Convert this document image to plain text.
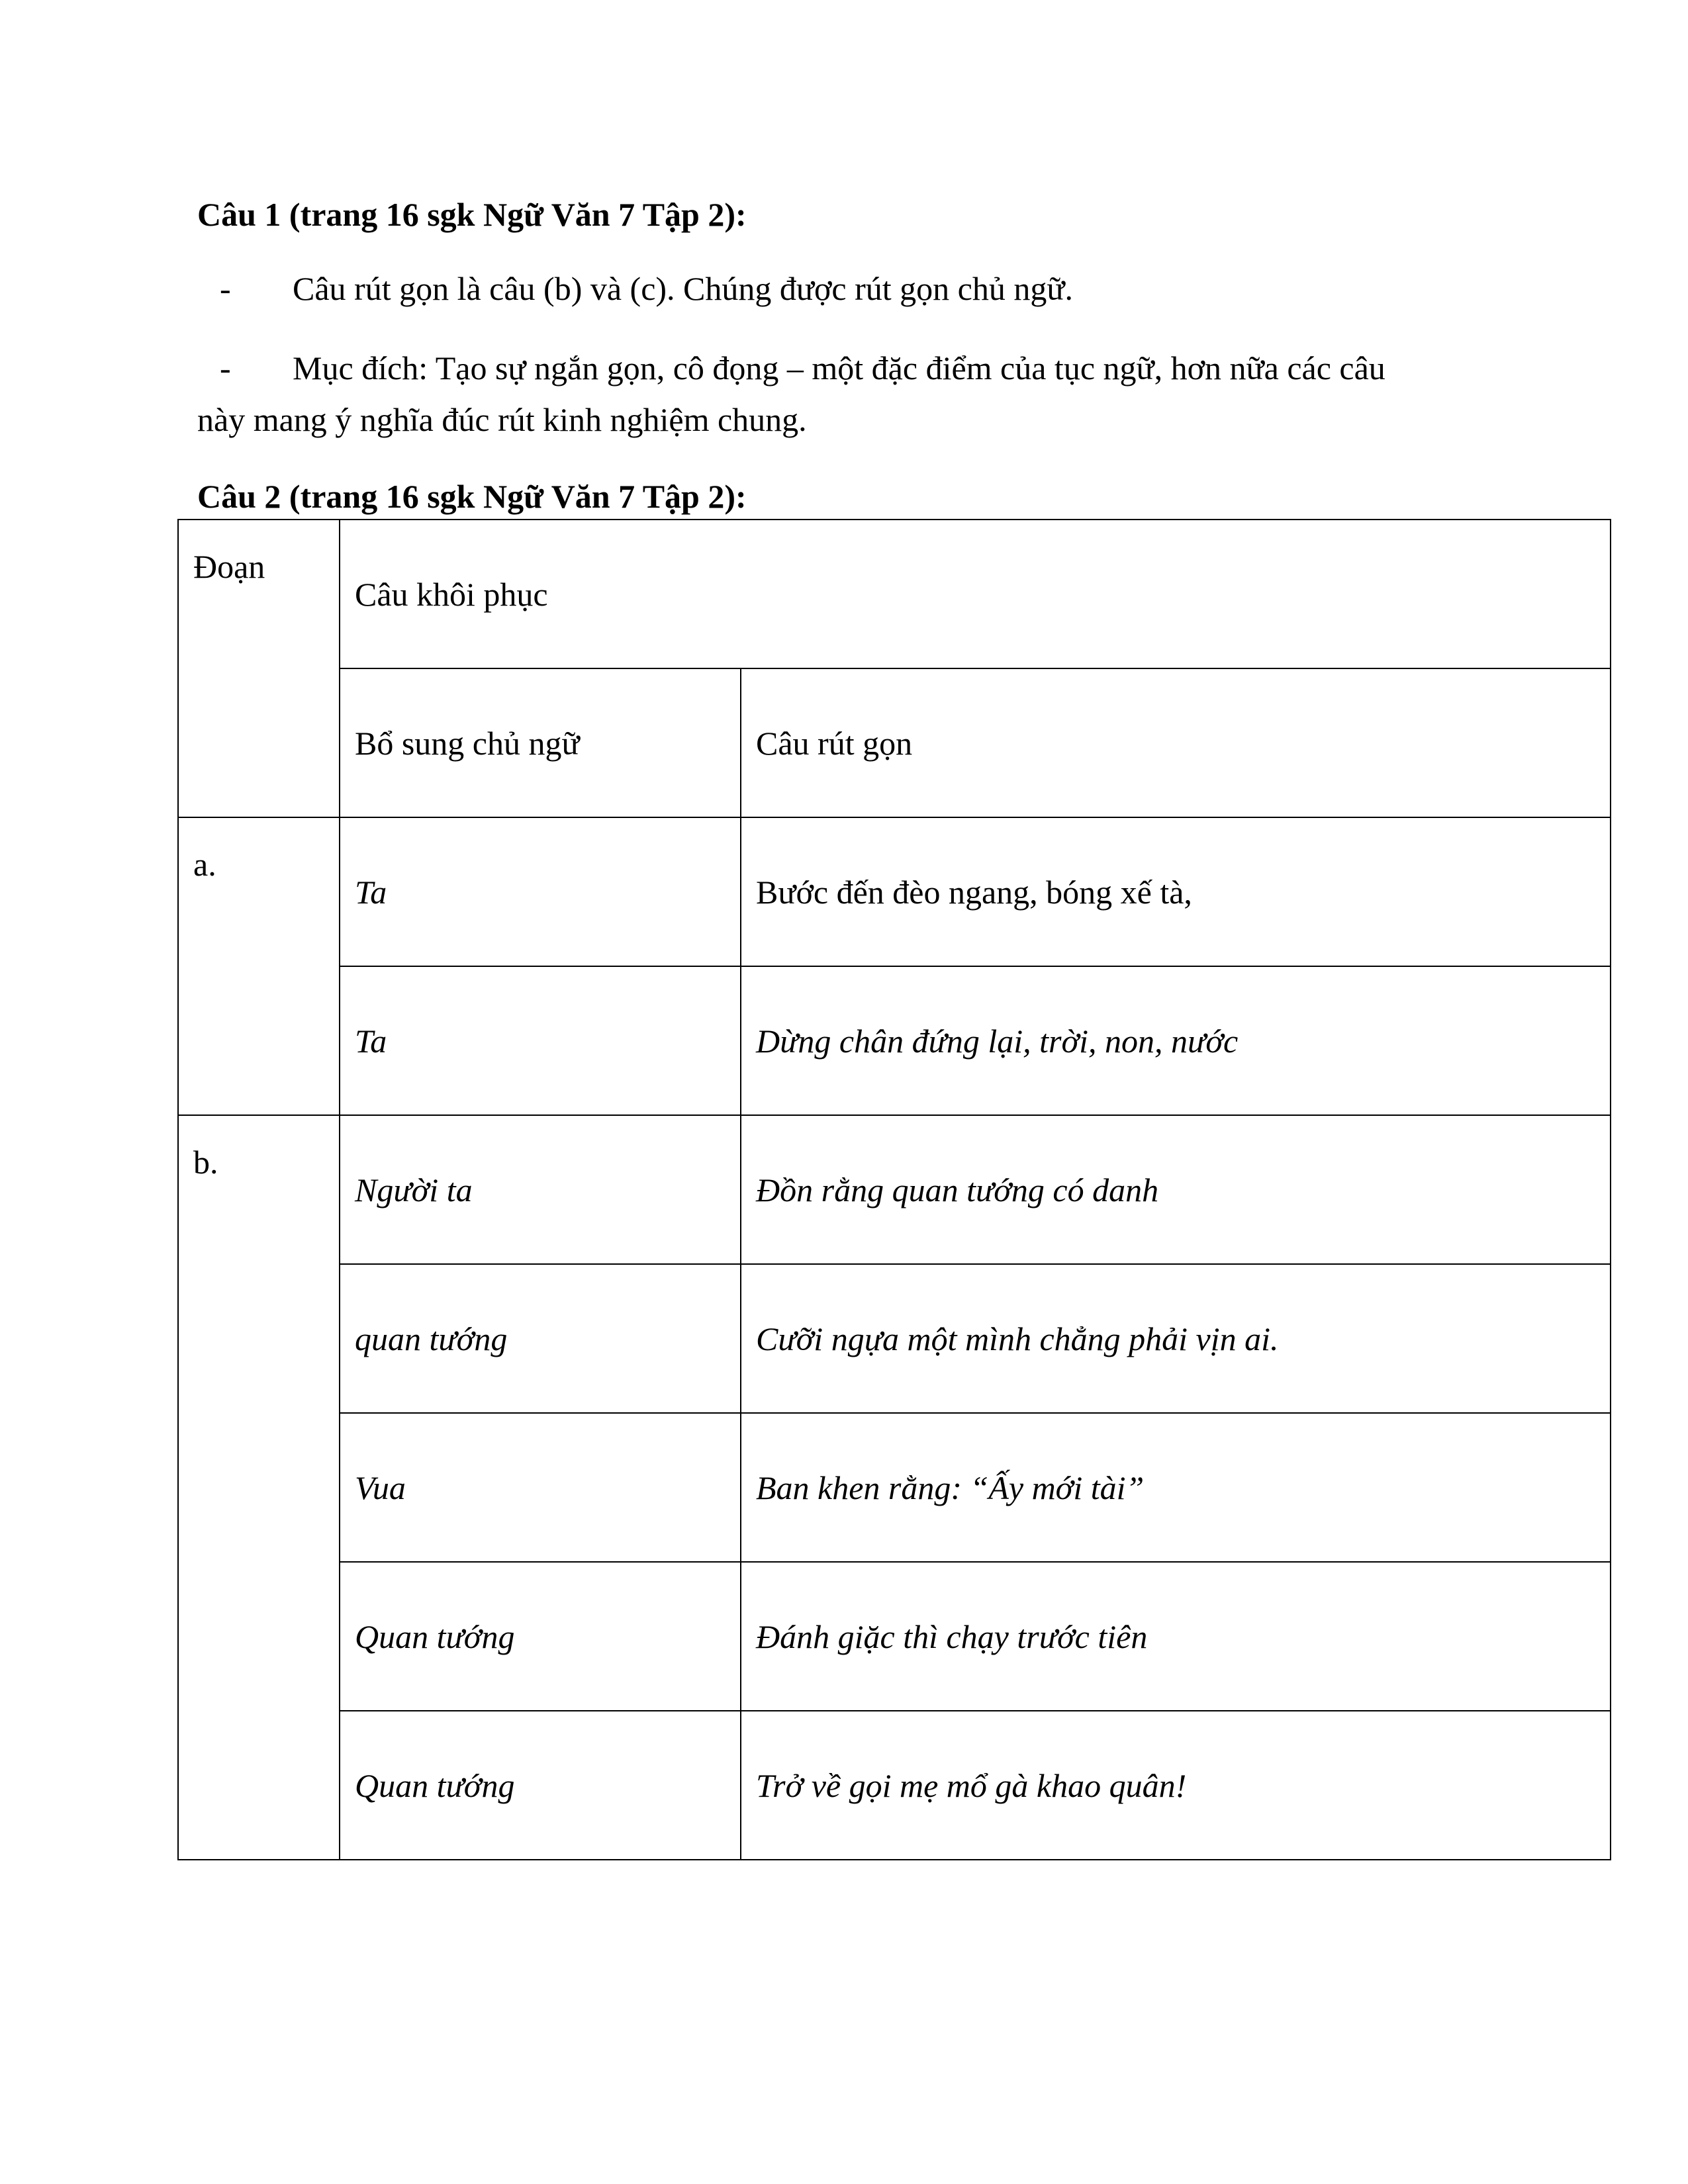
Câu 1 (trang 16 sgk Ngữ Văn 7 Tập 2):
- Câu rút gọn là câu (b) và (c). Chúng được rút gọn chủ ngữ.
- Mục đích: Tạo sự ngắn gọn, cô đọng – một đặc điểm của tục ngữ, hơn nữa các câu
này mang ý nghĩa đúc rút kinh nghiệm chung.
Câu 2 (trang 16 sgk Ngữ Văn 7 Tập 2):
Đoạn	Câu khôi phục	
	Bổ sung chủ ngữ	Câu rút gọn
a.	Ta	Bước đến đèo ngang, bóng xế tà,
	Ta	Dừng chân đứng lại, trời, non, nước
b.	Người ta	Đồn rằng quan tướng có danh
	quan tướng	Cưỡi ngựa một mình chẳng phải vịn ai.
	Vua	Ban khen rằng: “Ấy mới tài”
	Quan tướng	Đánh giặc thì chạy trước tiên
	Quan tướng	Trở về gọi mẹ mổ gà khao quân!
